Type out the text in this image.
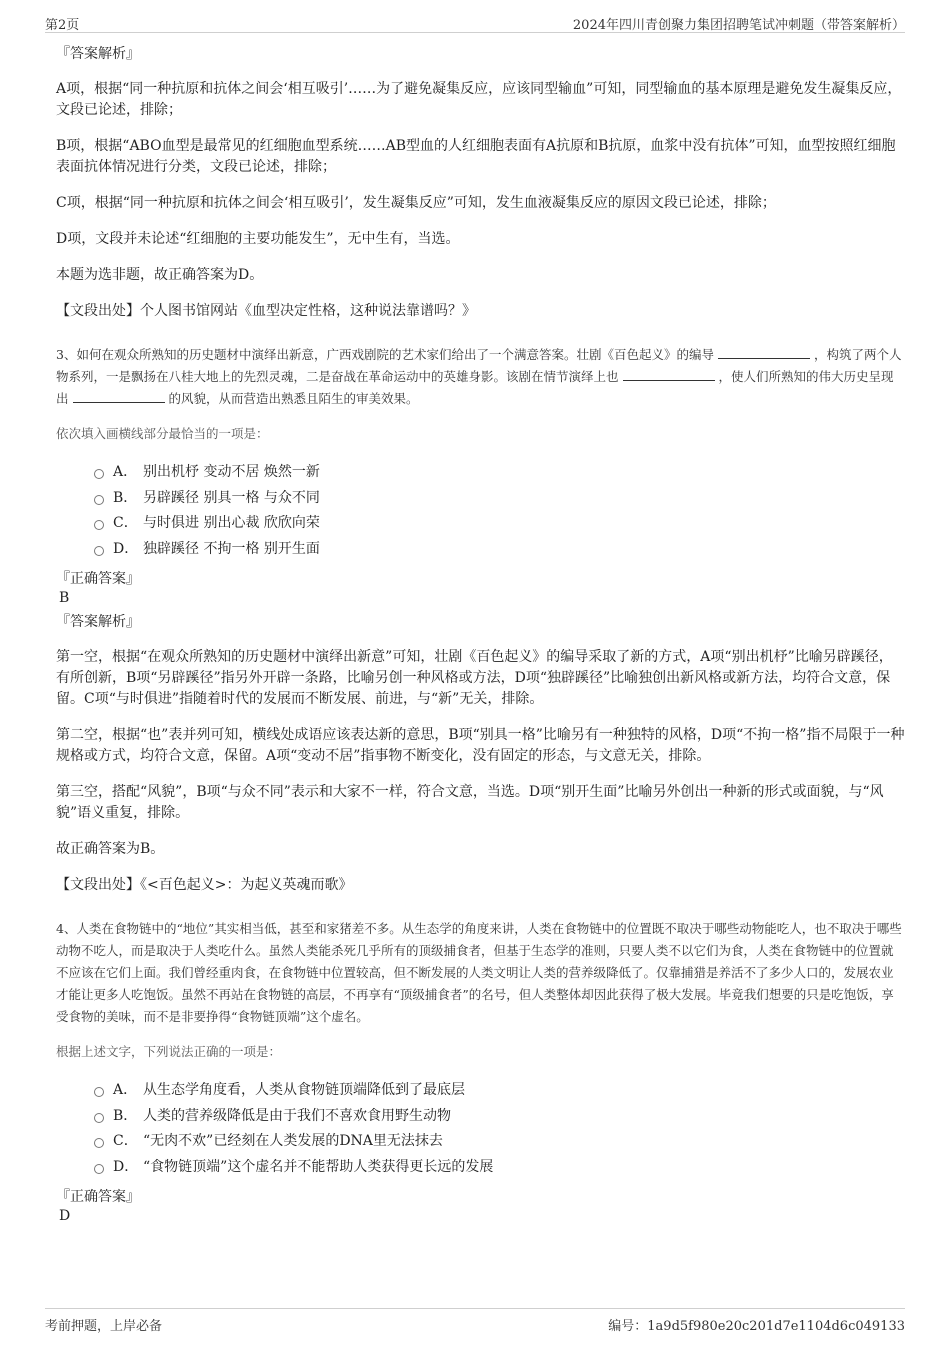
第2页	2024年四川青创聚力集团招聘笔试冲刺题（带答案解析）

『答案解析』

A项，根据“同一种抗原和抗体之间会‘相互吸引’……为了避免凝集反应，应该同型输血”可知，同型输血的基本原理是避免发生凝集反应，文段已论述，排除；

B项，根据“ABO血型是最常见的红细胞血型系统……AB型血的人红细胞表面有A抗原和B抗原，血浆中没有抗体”可知，血型按照红细胞表面抗体情况进行分类，文段已论述，排除；

C项，根据“同一种抗原和抗体之间会‘相互吸引’，发生凝集反应”可知，发生血液凝集反应的原因文段已论述，排除；

D项，文段并未论述“红细胞的主要功能发生”，无中生有，当选。

本题为选非题，故正确答案为D。

【文段出处】个人图书馆网站《血型决定性格，这种说法靠谱吗？》

3、如何在观众所熟知的历史题材中演绎出新意，广西戏剧院的艺术家们给出了一个满意答案。壮剧《百色起义》的编导	，构筑了两个人物系列，一是飘扬在八桂大地上的先烈灵魂，二是奋战在革命运动中的英雄身影。该剧在情节演绎上也	，使人们所熟知的伟大历史呈现出	的风貌，从而营造出熟悉且陌生的审美效果。

依次填入画横线部分最恰当的一项是：

A． 别出机杼 变动不居 焕然一新
B． 另辟蹊径 别具一格 与众不同
C． 与时俱进 别出心裁 欣欣向荣
D． 独辟蹊径 不拘一格 别开生面

『正确答案』

B

『答案解析』

第一空，根据“在观众所熟知的历史题材中演绎出新意”可知，壮剧《百色起义》的编导采取了新的方式，A项“别出机杼”比喻另辟蹊径，有所创新，B项“另辟蹊径”指另外开辟一条路，比喻另创一种风格或方法，D项“独辟蹊径”比喻独创出新风格或新方法，均符合文意，保留。C项“与时俱进”指随着时代的发展而不断发展、前进，与“新”无关，排除。

第二空，根据“也”表并列可知，横线处成语应该表达新的意思，B项“别具一格”比喻另有一种独特的风格，D项“不拘一格”指不局限于一种规格或方式，均符合文意，保留。A项“变动不居”指事物不断变化，没有固定的形态，与文意无关，排除。

第三空，搭配“风貌”，B项“与众不同”表示和大家不一样，符合文意，当选。D项“别开生面”比喻另外创出一种新的形式或面貌，与“风貌”语义重复，排除。

故正确答案为B。

【文段出处】《<百色起义>：为起义英魂而歌》

4、人类在食物链中的“地位”其实相当低，甚至和家猪差不多。从生态学的角度来讲，人类在食物链中的位置既不取决于哪些动物能吃人，也不取决于哪些动物不吃人，而是取决于人类吃什么。虽然人类能杀死几乎所有的顶级捕食者，但基于生态学的准则，只要人类不以它们为食，人类在食物链中的位置就不应该在它们上面。我们曾经重肉食，在食物链中位置较高，但不断发展的人类文明让人类的营养级降低了。仅靠捕猎是养活不了多少人口的，发展农业才能让更多人吃饱饭。虽然不再站在食物链的高层，不再享有“顶级捕食者”的名号，但人类整体却因此获得了极大发展。毕竟我们想要的只是吃饱饭，享受食物的美味，而不是非要挣得“食物链顶端”这个虚名。

根据上述文字，下列说法正确的一项是：

A． 从生态学角度看，人类从食物链顶端降低到了最底层
B． 人类的营养级降低是由于我们不喜欢食用野生动物
C． “无肉不欢”已经刻在人类发展的DNA里无法抹去
D． “食物链顶端”这个虚名并不能帮助人类获得更长远的发展

『正确答案』

D

考前押题，上岸必备	编号：1a9d5f980e20c201d7e1104d6c049133
